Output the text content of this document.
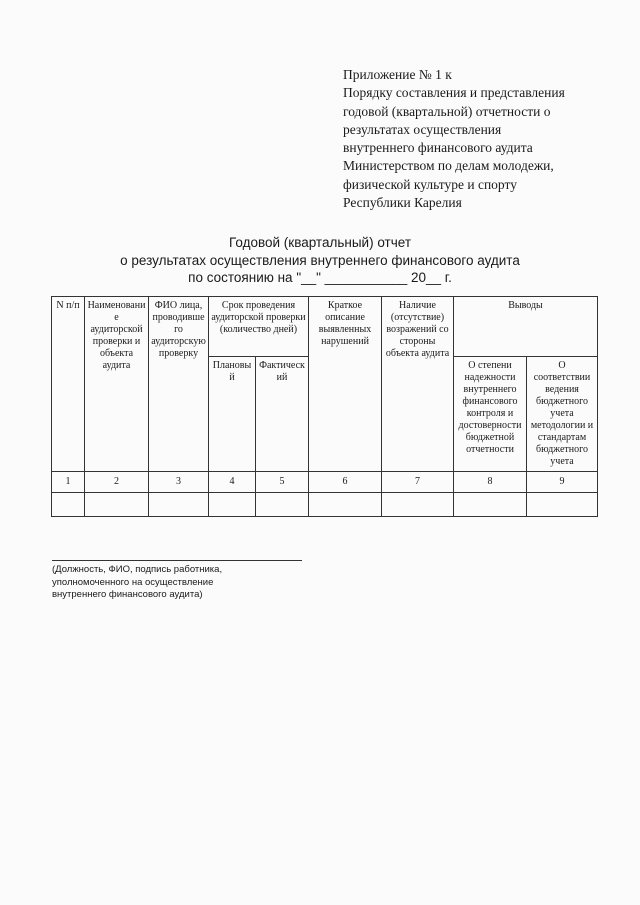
Приложение № 1 к
Порядку составления и представления
годовой (квартальной) отчетности о
результатах осуществления
внутреннего финансового аудита
Министерством по делам молодежи,
физической культуре и спорту
Республики Карелия
Годовой (квартальный) отчет
о результатах осуществления внутреннего финансового аудита
по состоянию на "__" ___________ 20__ г.
N п/п	Наименование аудиторской проверки и объекта аудита	ФИО лица, проводившего аудиторскую проверку	Срок проведения аудиторской проверки (количество дней)		Краткое описание выявленных нарушений	Наличие (отсутствие) возражений со стороны объекта аудита	Выводы	
			Плановый	Фактический			О степени надежности внутреннего финансового контроля и достоверности бюджетной отчетности	О соответствии ведения бюджетного учета методологии и стандартам бюджетного учета
1	2	3	4	5	6	7	8	9

(Должность, ФИО, подпись работника,
уполномоченного на осуществление
внутреннего финансового аудита)
